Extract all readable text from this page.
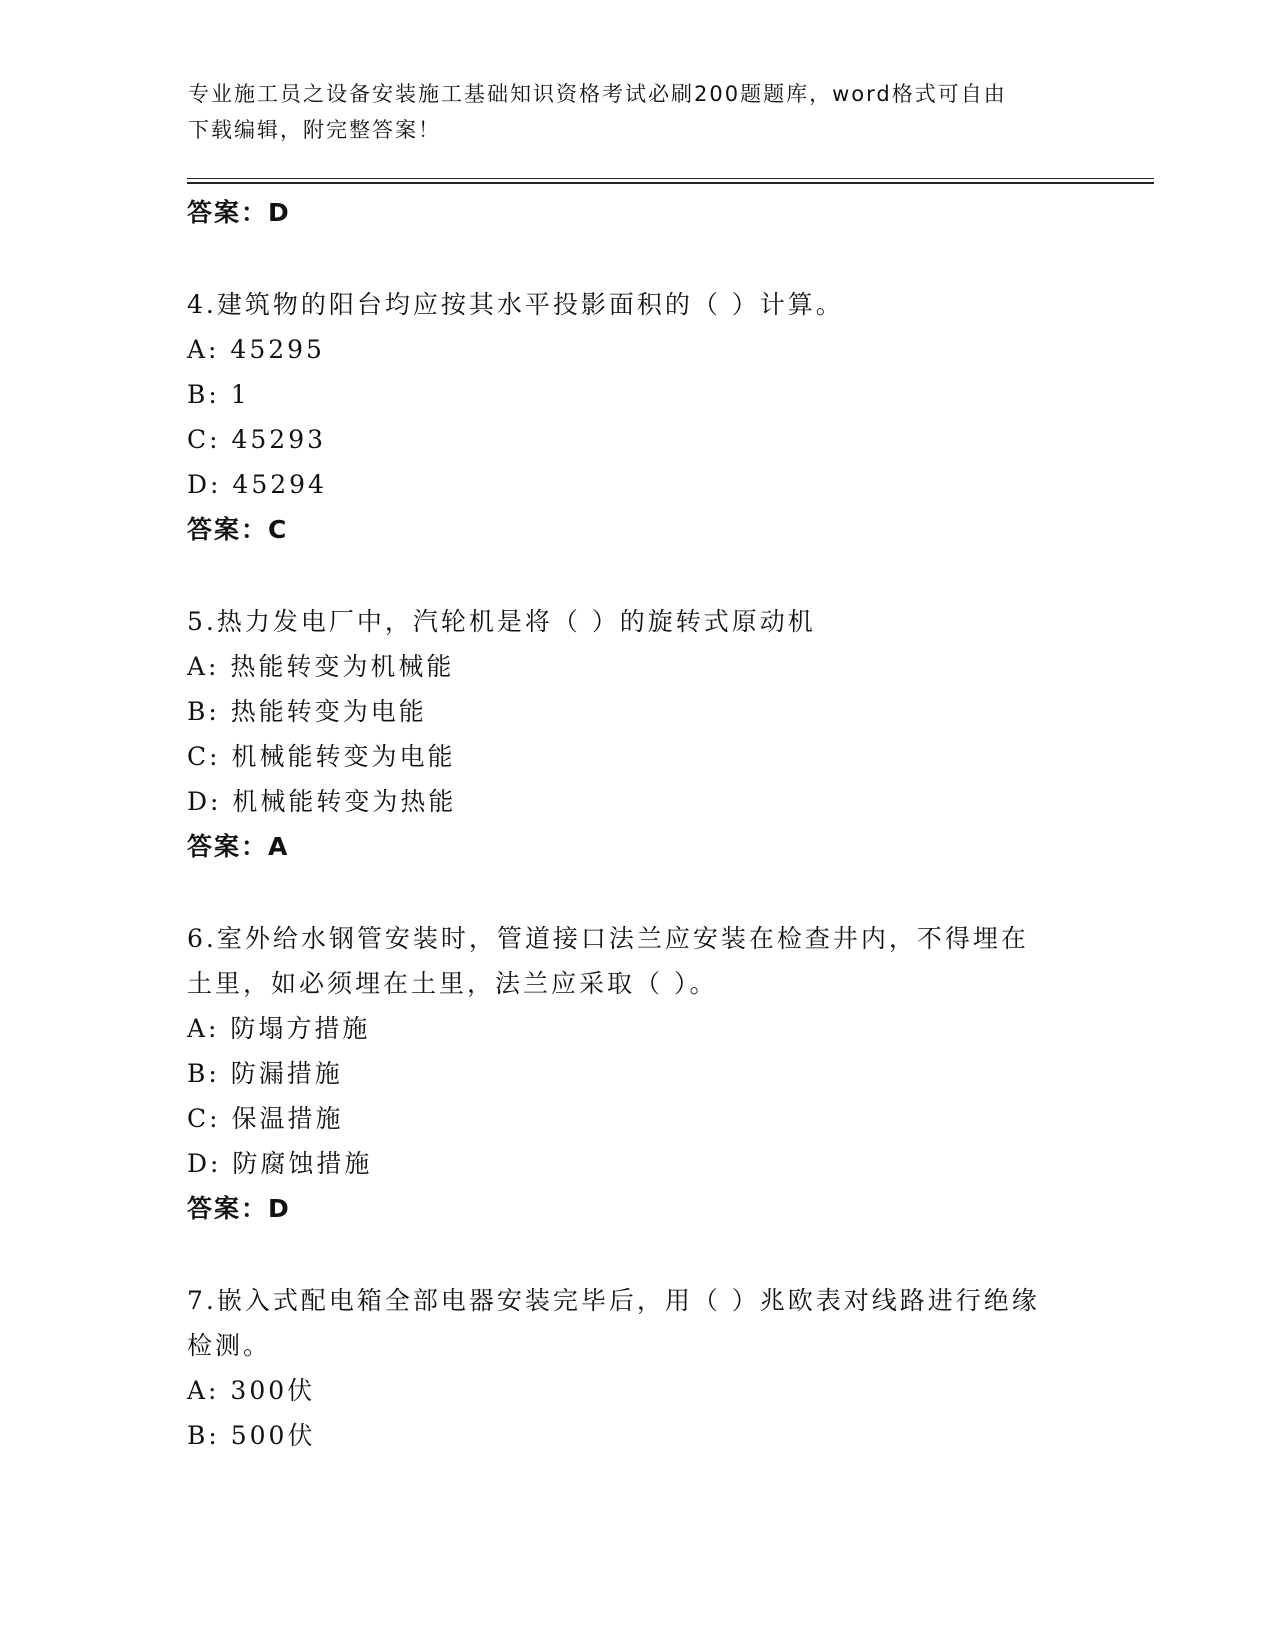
专业施工员之设备安装施工基础知识资格考试必刷200题题库，word格式可自由
下载编辑，附完整答案！
答案：D
4.建筑物的阳台均应按其水平投影面积的（ ）计算。
A: 45295
B: 1
C: 45293
D: 45294
答案：C
5.热力发电厂中，汽轮机是将（ ）的旋转式原动机
A: 热能转变为机械能
B: 热能转变为电能
C: 机械能转变为电能
D: 机械能转变为热能
答案：A
6.室外给水钢管安装时，管道接口法兰应安装在检查井内，不得埋在
土里，如必须埋在土里，法兰应采取（ ）。
A: 防塌方措施
B: 防漏措施
C: 保温措施
D: 防腐蚀措施
答案：D
7.嵌入式配电箱全部电器安装完毕后，用（ ）兆欧表对线路进行绝缘
检测。
A: 300伏
B: 500伏
